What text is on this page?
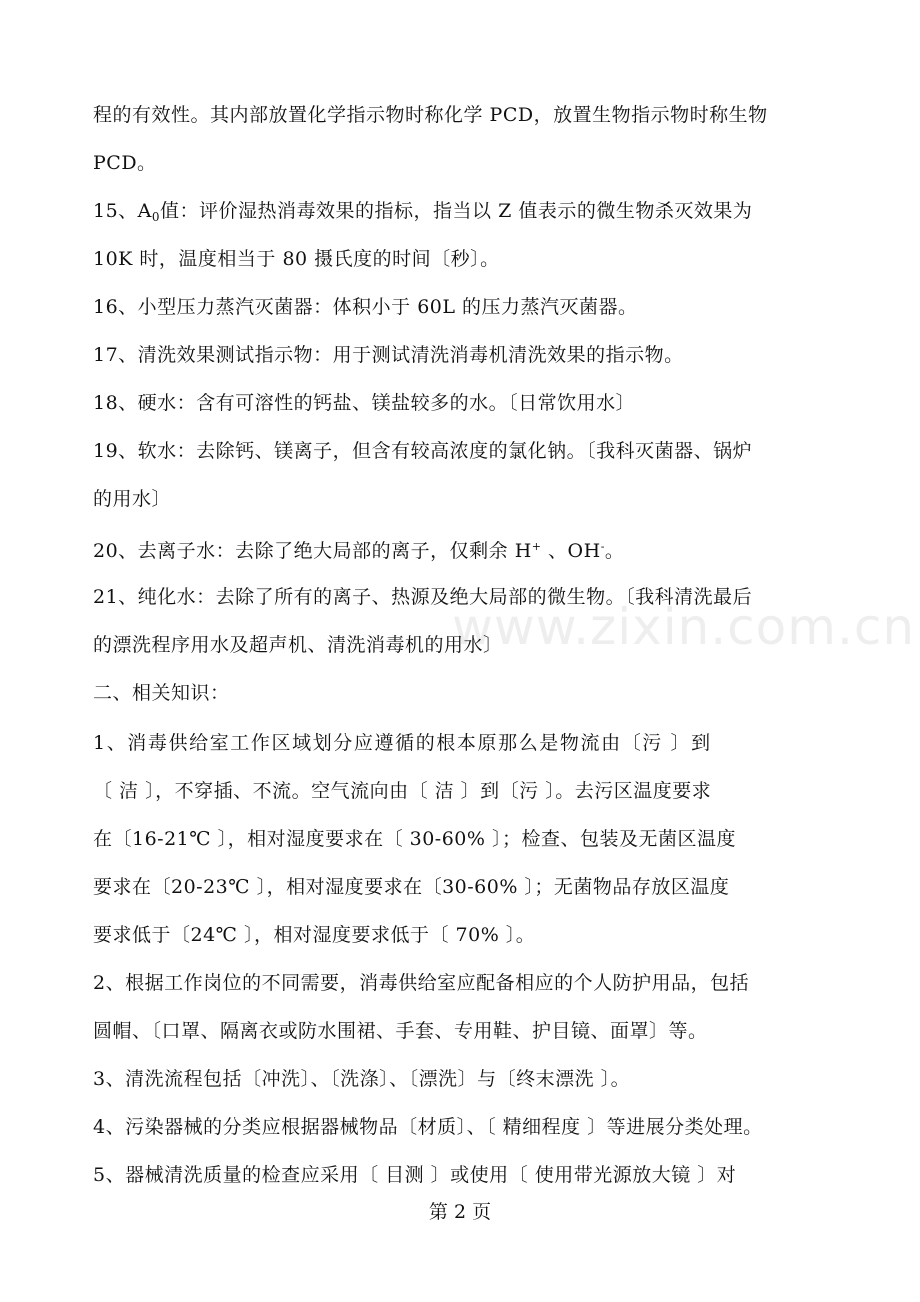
www.zixin.com.cn
程的有效性。其内部放置化学指示物时称化学 PCD，放置生物指示物时称生物
PCD。
15、$A_0$值：评价湿热消毒效果的指标，指当以 Z 值表示的微生物杀灭效果为
10K 时，温度相当于 80 摄氏度的时间〔秒〕。
16、小型压力蒸汽灭菌器：体积小于 60L 的压力蒸汽灭菌器。
17、清洗效果测试指示物：用于测试清洗消毒机清洗效果的指示物。
18、硬水：含有可溶性的钙盐、镁盐较多的水。〔日常饮用水〕
19、软水：去除钙、镁离子，但含有较高浓度的氯化钠。〔我科灭菌器、锅炉
的用水〕
20、去离子水：去除了绝大局部的离子，仅剩余 H+ 、OH-。
21、纯化水：去除了所有的离子、热源及绝大局部的微生物。〔我科清洗最后
的漂洗程序用水及超声机、清洗消毒机的用水〕
二、相关知识：
1、消毒供给室工作区域划分应遵循的根本原那么是物流由〔污 〕到
〔 洁 〕，不穿插、不流。空气流向由〔 洁 〕到〔污 〕。去污区温度要求
在〔16-21℃ 〕，相对湿度要求在〔 30-60% 〕；检查、包装及无菌区温度
要求在〔20-23℃ 〕，相对湿度要求在〔30-60% 〕；无菌物品存放区温度
要求低于〔24℃ 〕，相对湿度要求低于〔 70% 〕。
2、根据工作岗位的不同需要，消毒供给室应配备相应的个人防护用品，包括
圆帽、〔口罩、隔离衣或防水围裙、手套、专用鞋、护目镜、面罩〕等。
3、清洗流程包括〔冲洗〕、〔洗涤〕、〔漂洗〕与〔终末漂洗 〕。
4、污染器械的分类应根据器械物品〔材质〕、〔 精细程度 〕等进展分类处理。
5、器械清洗质量的检查应采用〔 目测 〕或使用〔 使用带光源放大镜 〕对
第 2 页
